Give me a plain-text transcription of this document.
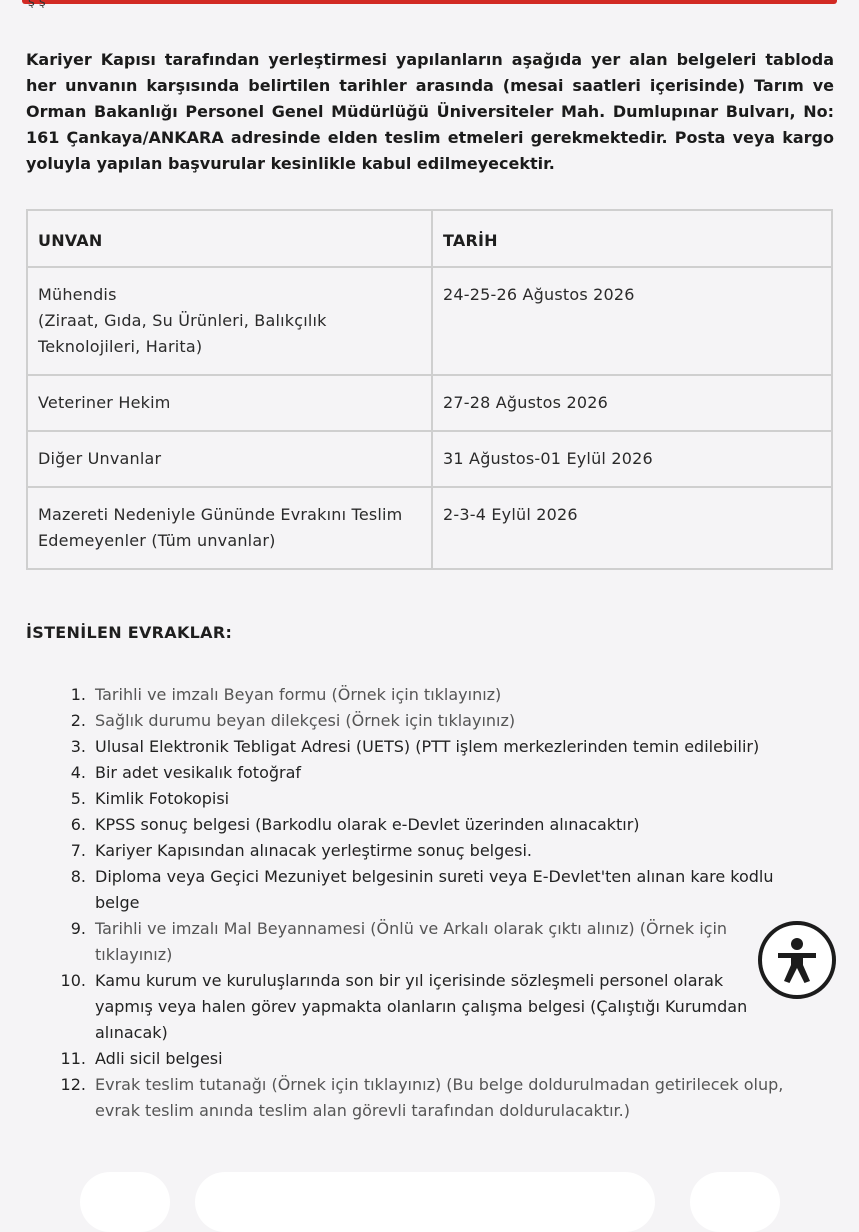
ş ş

Kariyer Kapısı tarafından yerleştirmesi yapılanların aşağıda yer alan belgeleri tabloda her unvanın karşısında belirtilen tarihler arasında (mesai saatleri içerisinde) Tarım ve Orman Bakanlığı Personel Genel Müdürlüğü Üniversiteler Mah. Dumlupınar Bulvarı, No: 161 Çankaya/ANKARA adresinde elden teslim etmeleri gerekmektedir. Posta veya kargo yoluyla yapılan başvurular kesinlikle kabul edilmeyecektir.

UNVAN	TARİH

Mühendis
(Ziraat, Gıda, Su Ürünleri, Balıkçılık
Teknolojileri, Harita)	24-25-26 Ağustos 2026

Veteriner Hekim	27-28 Ağustos 2026

Diğer Unvanlar	31 Ağustos-01 Eylül 2026

Mazereti Nedeniyle Gününde Evrakını Teslim
Edemeyenler (Tüm unvanlar)	2-3-4 Eylül 2026
İSTENİLEN EVRAKLAR:
1. Tarihli ve imzalı Beyan formu (Örnek için tıklayınız)
2. Sağlık durumu beyan dilekçesi (Örnek için tıklayınız)
3. Ulusal Elektronik Tebligat Adresi (UETS) (PTT işlem merkezlerinden temin edilebilir)
4. Bir adet vesikalık fotoğraf
5. Kimlik Fotokopisi
6. KPSS sonuç belgesi (Barkodlu olarak e-Devlet üzerinden alınacaktır)
7. Kariyer Kapısından alınacak yerleştirme sonuç belgesi.
8. Diploma veya Geçici Mezuniyet belgesinin sureti veya E-Devlet'ten alınan kare kodlu
belge
9. Tarihli ve imzalı Mal Beyannamesi (Önlü ve Arkalı olarak çıktı alınız) (Örnek için
tıklayınız)
10. Kamu kurum ve kuruluşlarında son bir yıl içerisinde sözleşmeli personel olarak
yapmış veya halen görev yapmakta olanların çalışma belgesi (Çalıştığı Kurumdan
alınacak)
11. Adli sicil belgesi
12. Evrak teslim tutanağı (Örnek için tıklayınız) (Bu belge doldurulmadan getirilecek olup,
evrak teslim anında teslim alan görevli tarafından doldurulacaktır.)
